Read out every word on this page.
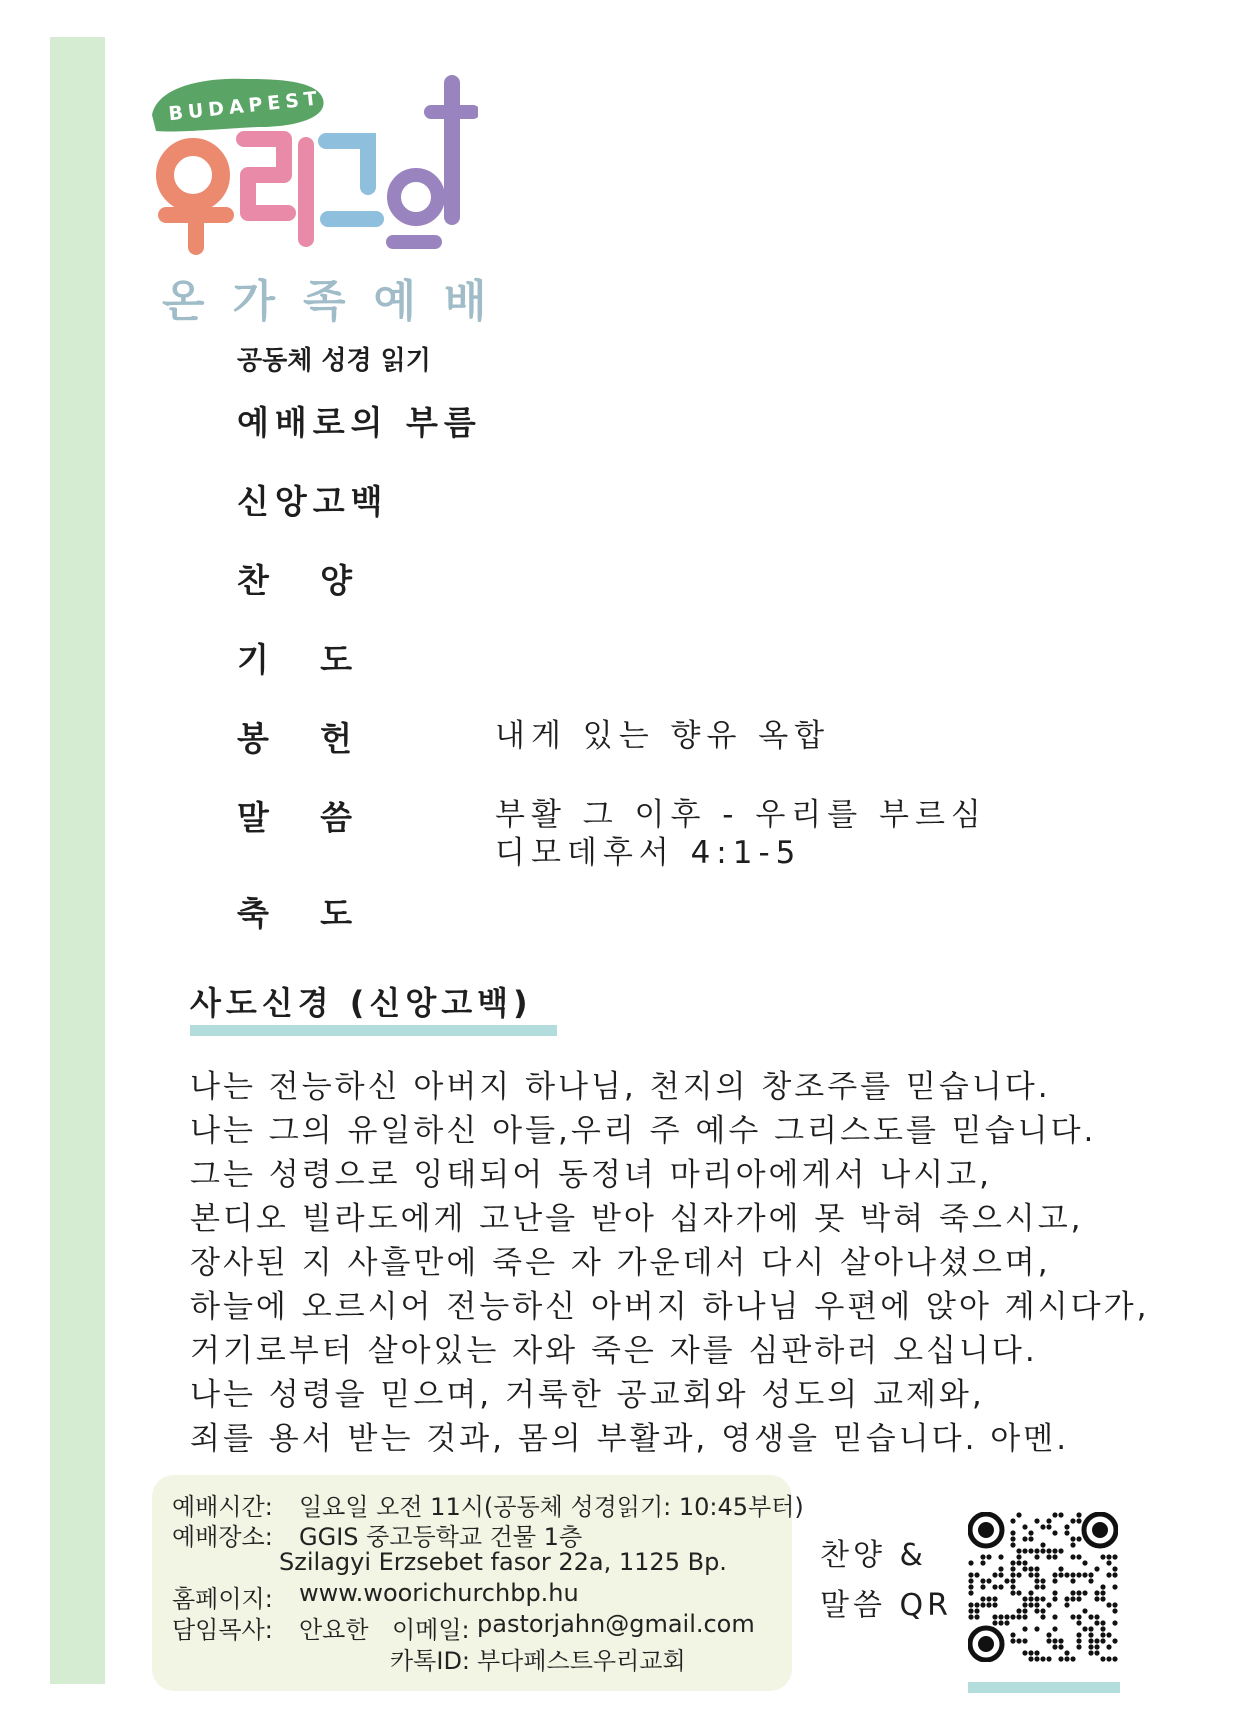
BUDAPEST
우리교회
온가족예배
공동체 성경 읽기
예배로의 부름
신앙고백
찬 양
기 도
봉 헌	내게 있는 향유 옥합
말 씀	부활 그 이후 - 우리를 부르심
디모데후서 4:1-5
축 도
사도신경 (신앙고백)
나는 전능하신 아버지 하나님, 천지의 창조주를 믿습니다.
나는 그의 유일하신 아들,우리 주 예수 그리스도를 믿습니다.
그는 성령으로 잉태되어 동정녀 마리아에게서 나시고,
본디오 빌라도에게 고난을 받아 십자가에 못 박혀 죽으시고,
장사된 지 사흘만에 죽은 자 가운데서 다시 살아나셨으며,
하늘에 오르시어 전능하신 아버지 하나님 우편에 앉아 계시다가,
거기로부터 살아있는 자와 죽은 자를 심판하러 오십니다.
나는 성령을 믿으며, 거룩한 공교회와 성도의 교제와,
죄를 용서 받는 것과, 몸의 부활과, 영생을 믿습니다. 아멘.
예배시간: 일요일 오전 11시(공동체 성경읽기: 10:45부터)
예배장소: GGIS 중고등학교 건물 1층
Szilagyi Erzsebet fasor 22a, 1125 Bp.
홈페이지: www.woorichurchbp.hu
담임목사: 안요한 이메일: pastorjahn@gmail.com
카톡ID: 부다페스트우리교회
찬양 &
말씀 QR
